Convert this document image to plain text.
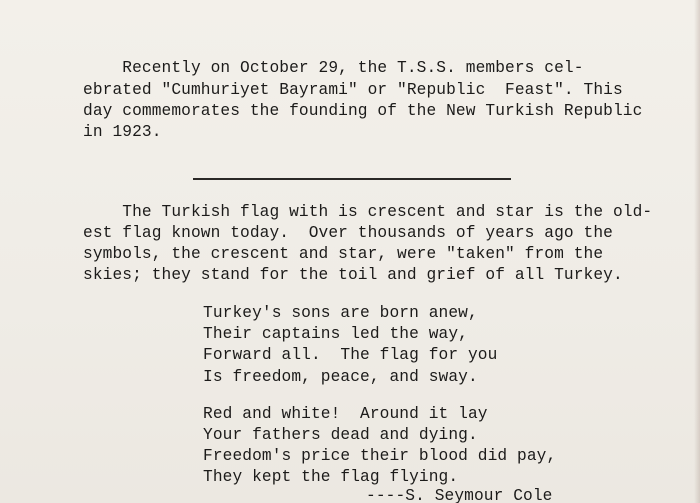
Recently on October 29, the T.S.S. members cel-
ebrated "Cumhuriyet Bayrami" or "Republic  Feast". This
day commemorates the founding of the New Turkish Republic
in 1923.
The Turkish flag with is crescent and star is the old-
est flag known today.  Over thousands of years ago the
symbols, the crescent and star, were "taken" from the
skies; they stand for the toil and grief of all Turkey.
Turkey's sons are born anew,
Their captains led the way,
Forward all.  The flag for you
Is freedom, peace, and sway.
Red and white!  Around it lay
Your fathers dead and dying.
Freedom's price their blood did pay,
They kept the flag flying.
----S. Seymour Cole
